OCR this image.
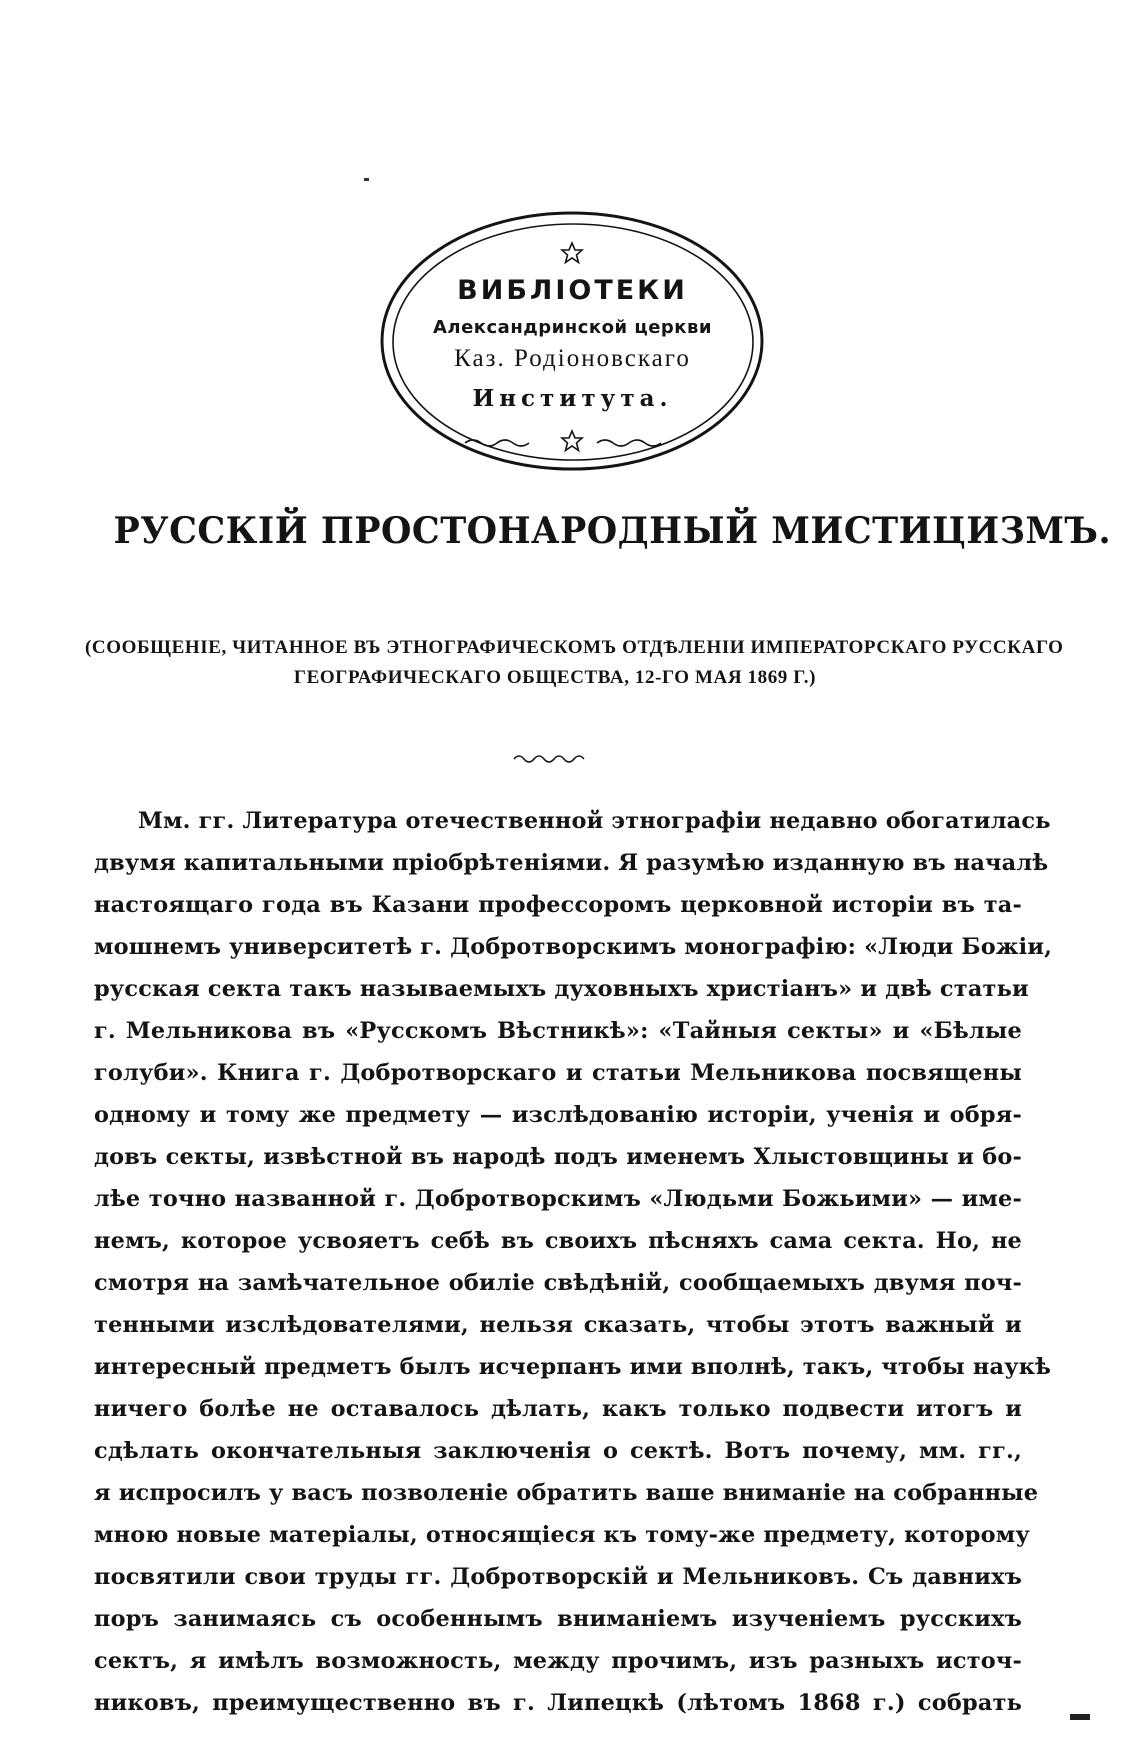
ВИБЛІОТЕКИ
Александринской церкви
Каз. Родіоновскаго
Института.
РУССКІЙ ПРОСТОНАРОДНЫЙ МИСТИЦИЗМЪ.
(СООБЩЕНІЕ, ЧИТАННОЕ ВЪ ЭТНОГРАФИЧЕСКОМЪ ОТДѢЛЕНІИ ИМПЕРАТОРСКАГО РУССКАГО
ГЕОГРАФИЧЕСКАГО ОБЩЕСТВА, 12-ГО МАЯ 1869 Г.)
Мм. гг. Литература отечественной этнографіи недавно обогатилась
двумя капитальными пріобрѣтеніями. Я разумѣю изданную въ началѣ
настоящаго года въ Казани профессоромъ церковной исторіи въ та-
мошнемъ университетѣ г. Добротворскимъ монографію: «Люди Божіи,
русская секта такъ называемыхъ духовныхъ христіанъ» и двѣ статьи
г. Мельникова въ «Русскомъ Вѣстникѣ»: «Тайныя секты» и «Бѣлые
голуби». Книга г. Добротворскаго и статьи Мельникова посвящены
одному и тому же предмету — изслѣдованію исторіи, ученія и обря-
довъ секты, извѣстной въ народѣ подъ именемъ Хлыстовщины и бо-
лѣе точно названной г. Добротворскимъ «Людьми Божьими» — име-
немъ, которое усвояетъ себѣ въ своихъ пѣсняхъ сама секта. Но, не
смотря на замѣчательное обиліе свѣдѣній, сообщаемыхъ двумя поч-
тенными изслѣдователями, нельзя сказать, чтобы этотъ важный и
интересный предметъ былъ исчерпанъ ими вполнѣ, такъ, чтобы наукѣ
ничего болѣе не оставалось дѣлать, какъ только подвести итогъ и
сдѣлать окончательныя заключенія о сектѣ. Вотъ почему, мм. гг.,
я испросилъ у васъ позволеніе обратить ваше вниманіе на собранные
мною новые матеріалы, относящіеся къ тому-же предмету, которому
посвятили свои труды гг. Добротворскій и Мельниковъ. Съ давнихъ
поръ занимаясь съ особеннымъ вниманіемъ изученіемъ русскихъ
сектъ, я имѣлъ возможность, между прочимъ, изъ разныхъ источ-
никовъ, преимущественно въ г. Липецкѣ (лѣтомъ 1868 г.) собрать
